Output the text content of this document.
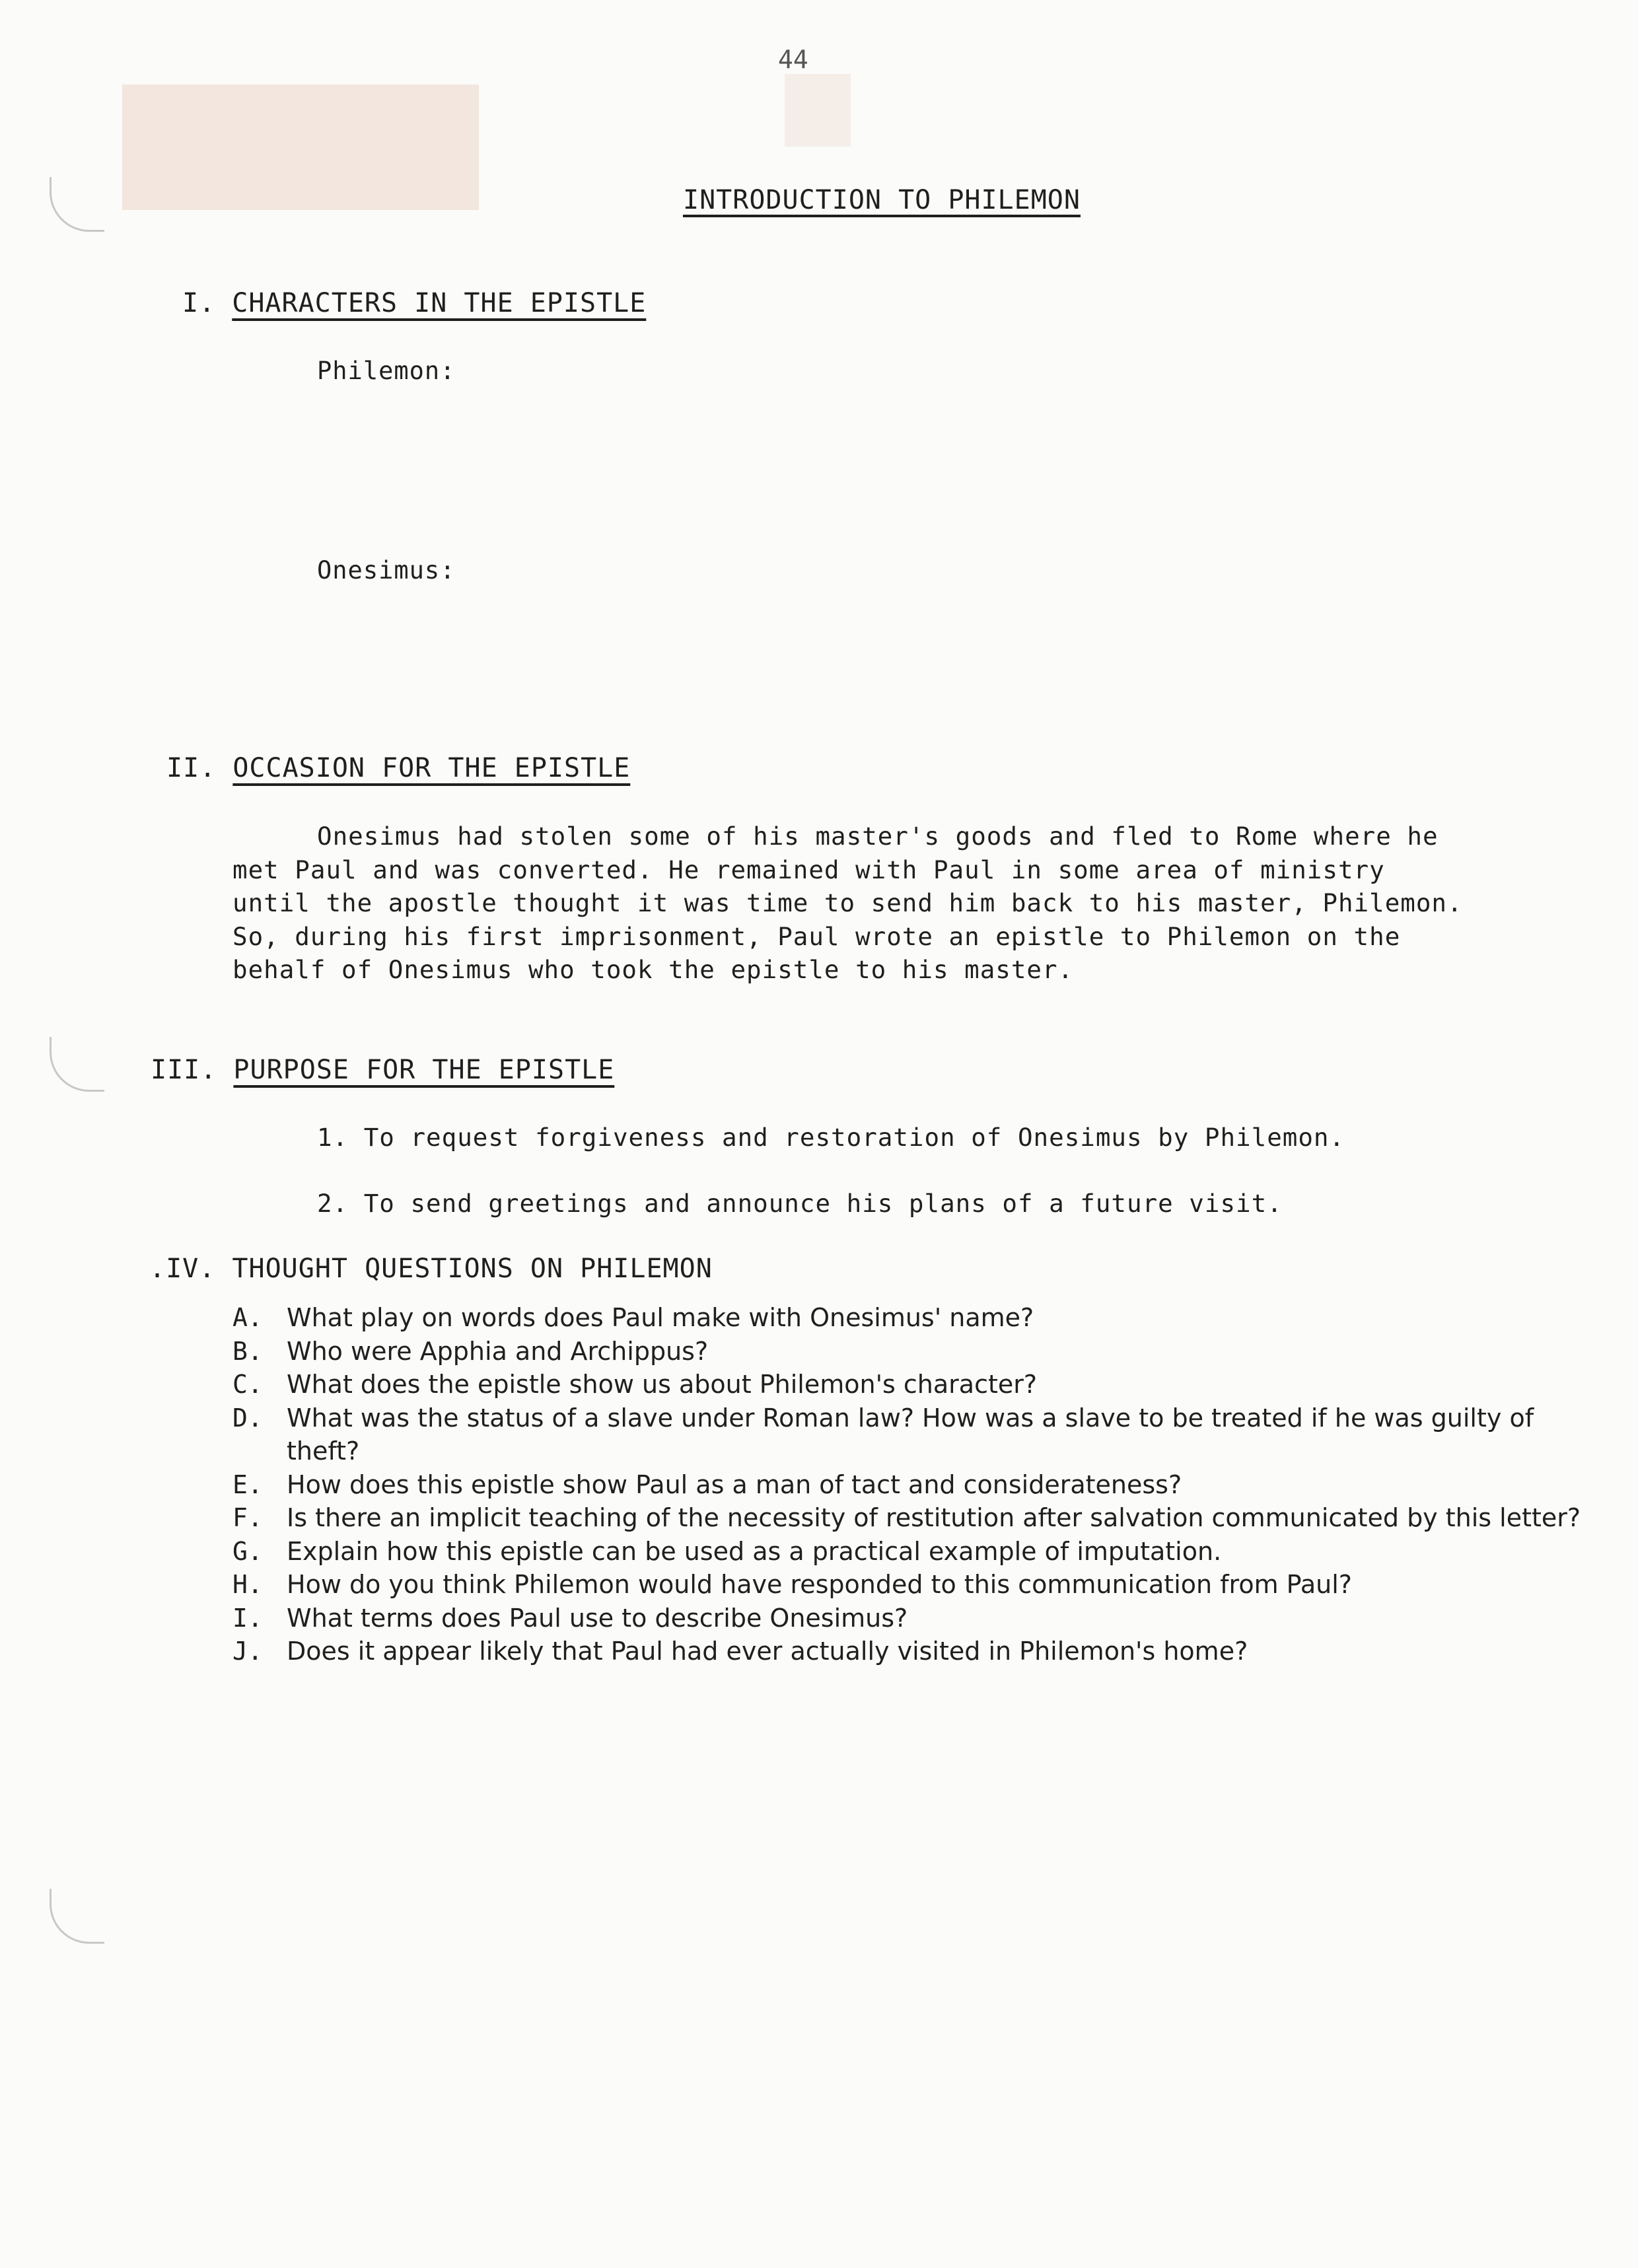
44
INTRODUCTION TO PHILEMON
I. CHARACTERS IN THE EPISTLE
Philemon:
Onesimus:
II. OCCASION FOR THE EPISTLE
Onesimus had stolen some of his master's goods and fled to Rome where he
met Paul and was converted. He remained with Paul in some area of ministry
until the apostle thought it was time to send him back to his master, Philemon.
So, during his first imprisonment, Paul wrote an epistle to Philemon on the
behalf of Onesimus who took the epistle to his master.
III. PURPOSE FOR THE EPISTLE
1. To request forgiveness and restoration of Onesimus by Philemon.
2. To send greetings and announce his plans of a future visit.
.IV. THOUGHT QUESTIONS ON PHILEMON
A. What play on words does Paul make with Onesimus' name?
B. Who were Apphia and Archippus?
C. What does the epistle show us about Philemon's character?
D. What was the status of a slave under Roman law? How was a slave to be treated if he was guilty of theft?
E. How does this epistle show Paul as a man of tact and considerateness?
F. Is there an implicit teaching of the necessity of restitution after salvation communicated by this letter?
G. Explain how this epistle can be used as a practical example of imputation.
H. How do you think Philemon would have responded to this communication from Paul?
I. What terms does Paul use to describe Onesimus?
J. Does it appear likely that Paul had ever actually visited in Philemon's home?
